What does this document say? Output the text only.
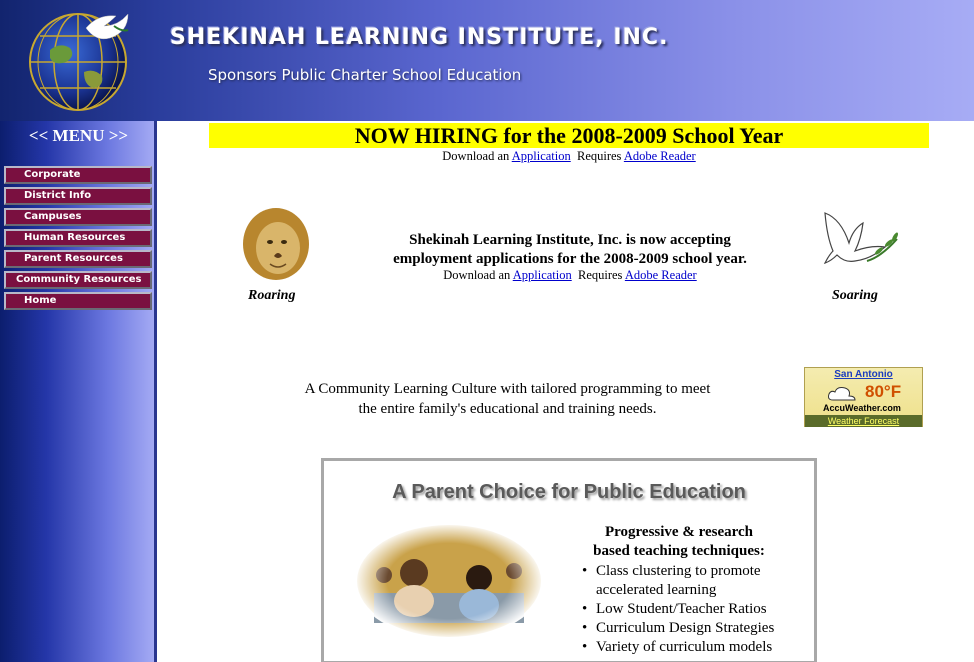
SHEKINAH LEARNING INSTITUTE, INC.
Sponsors Public Charter School Education
<< MENU >>
Corporate
District Info
Campuses
Human Resources
Parent Resources
Community Resources
Home
NOW HIRING for the 2008-2009 School Year
Download an Application Requires Adobe Reader
Roaring
Shekinah Learning Institute, Inc. is now accepting
employment applications for the 2008-2009 school year.
Download an Application Requires Adobe Reader
Soaring
A Community Learning Culture with tailored programming to meet
the entire family's educational and training needs.
San Antonio
80°F
AccuWeather.com
Weather Forecast
A Parent Choice for Public Education
Progressive & research
based teaching techniques:
• Class clustering to promote accelerated learning
• Low Student/Teacher Ratios
• Curriculum Design Strategies
• Variety of curriculum models
